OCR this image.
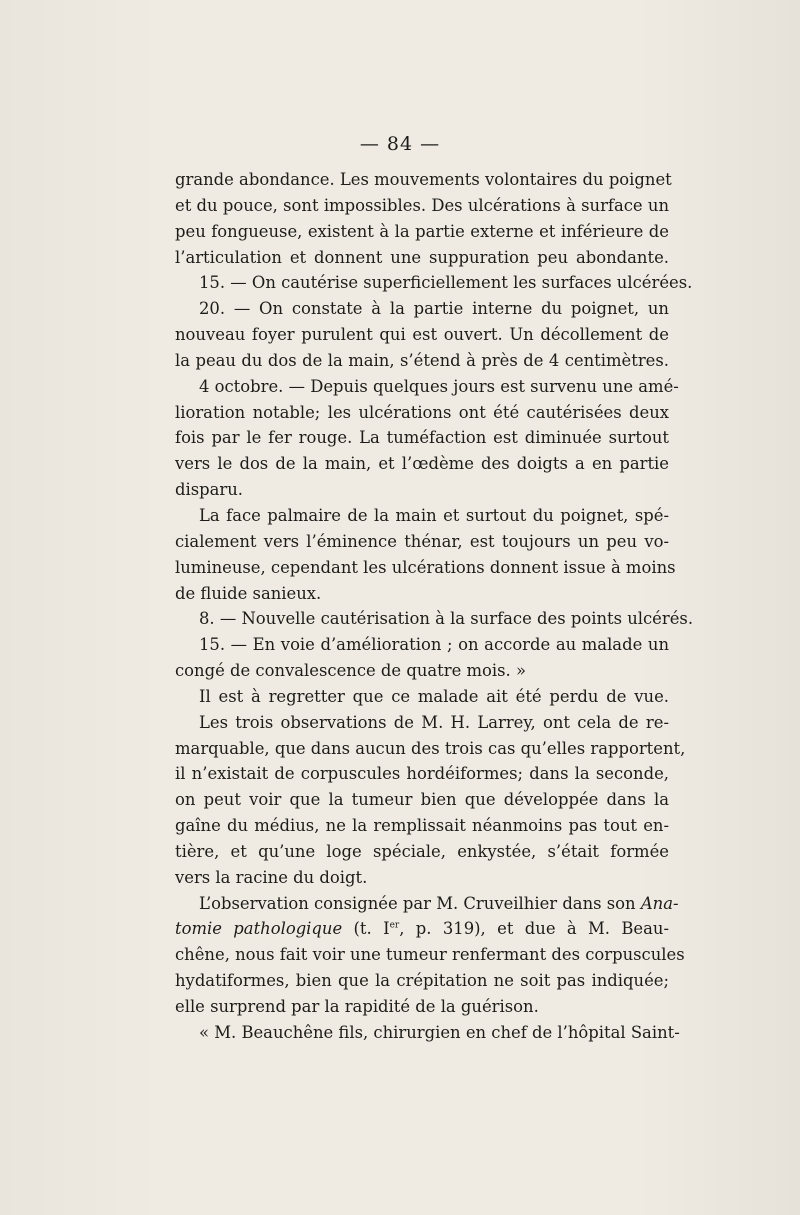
— 84 —
grande abondance. Les mouvements volontaires du poignet
et du pouce, sont impossibles. Des ulcérations à surface un
peu fongueuse, existent à la partie externe et inférieure de
l’articulation et donnent une suppuration peu abondante.
15. — On cautérise superficiellement les surfaces ulcérées.
20. — On constate à la partie interne du poignet, un
nouveau foyer purulent qui est ouvert. Un décollement de
la peau du dos de la main, s’étend à près de 4 centimètres.
4 octobre. — Depuis quelques jours est survenu une amé-
lioration notable; les ulcérations ont été cautérisées deux
fois par le fer rouge. La tuméfaction est diminuée surtout
vers le dos de la main, et l’œdème des doigts a en partie
disparu.
La face palmaire de la main et surtout du poignet, spé-
cialement vers l’éminence thénar, est toujours un peu vo-
lumineuse, cependant les ulcérations donnent issue à moins
de fluide sanieux.
8. — Nouvelle cautérisation à la surface des points ulcérés.
15. — En voie d’amélioration ; on accorde au malade un
congé de convalescence de quatre mois. »
Il est à regretter que ce malade ait été perdu de vue.
Les trois observations de M. H. Larrey, ont cela de re-
marquable, que dans aucun des trois cas qu’elles rapportent,
il n’existait de corpuscules hordéiformes; dans la seconde,
on peut voir que la tumeur bien que développée dans la
gaîne du médius, ne la remplissait néanmoins pas tout en-
tière, et qu’une loge spéciale, enkystée, s’était formée
vers la racine du doigt.
L’observation consignée par M. Cruveilhier dans son Ana-
tomie pathologique (t. Ier, p. 319), et due à M. Beau-
chêne, nous fait voir une tumeur renfermant des corpuscules
hydatiformes, bien que la crépitation ne soit pas indiquée;
elle surprend par la rapidité de la guérison.
« M. Beauchêne fils, chirurgien en chef de l’hôpital Saint-
